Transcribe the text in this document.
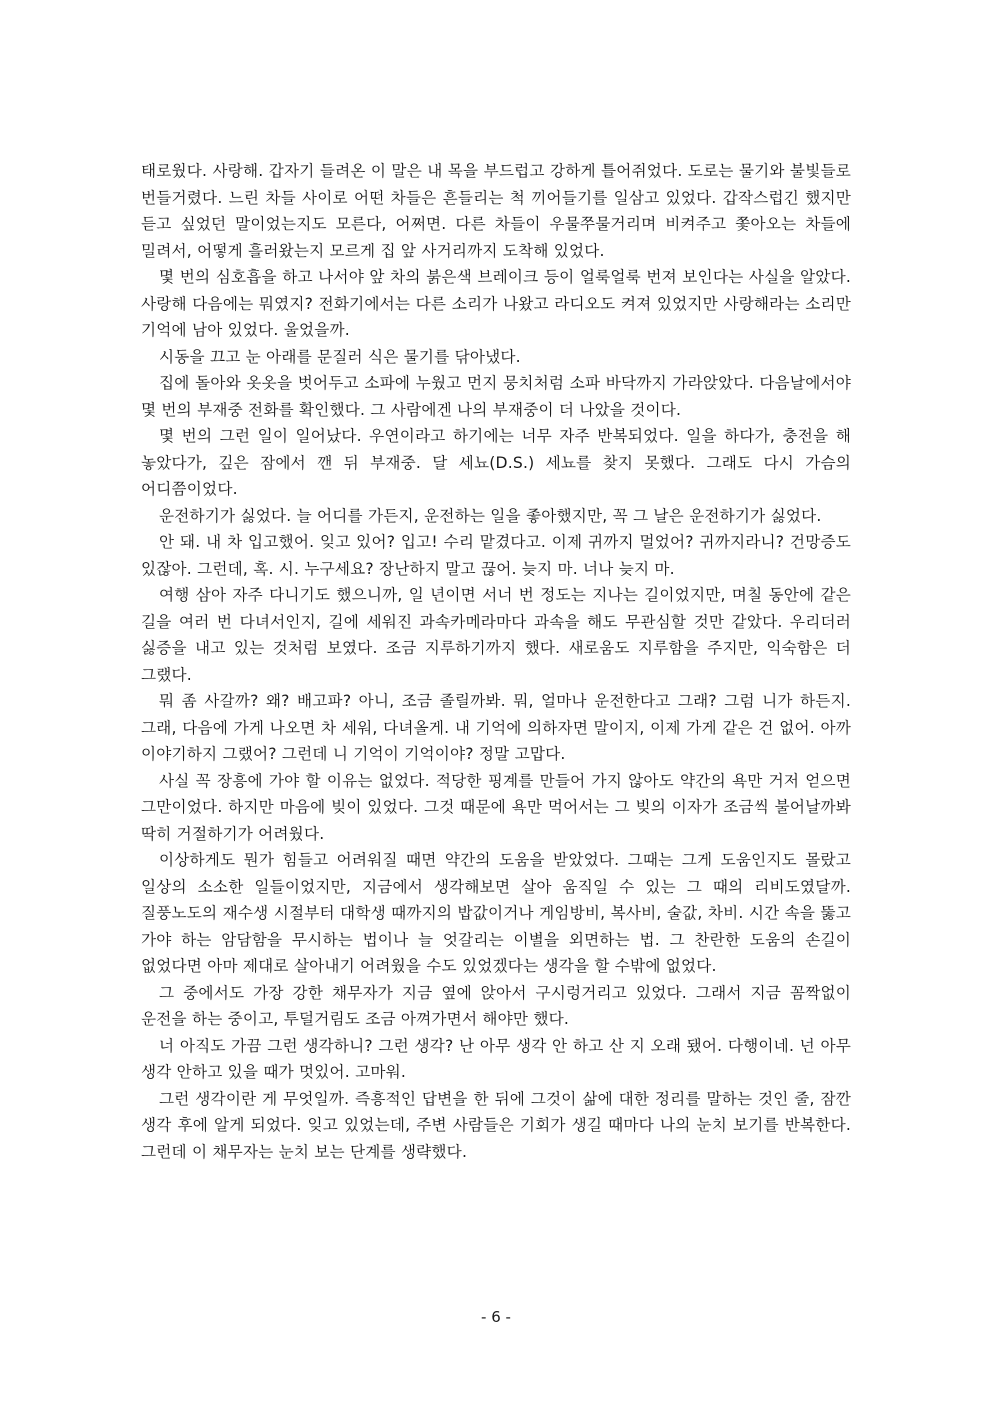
태로웠다. 사랑해. 갑자기 들려온 이 말은 내 목을 부드럽고 강하게 틀어쥐었다. 도로는 물기와 불빛들로 번들거렸다. 느린 차들 사이로 어떤 차들은 흔들리는 척 끼어들기를 일삼고 있었다. 갑작스럽긴 했지만 듣고 싶었던 말이었는지도 모른다, 어쩌면. 다른 차들이 우물쭈물거리며 비켜주고 쫓아오는 차들에 밀려서, 어떻게 흘러왔는지 모르게 집 앞 사거리까지 도착해 있었다.

몇 번의 심호흡을 하고 나서야 앞 차의 붉은색 브레이크 등이 얼룩얼룩 번져 보인다는 사실을 알았다. 사랑해 다음에는 뭐였지? 전화기에서는 다른 소리가 나왔고 라디오도 켜져 있었지만 사랑해라는 소리만 기억에 남아 있었다. 울었을까.

시동을 끄고 눈 아래를 문질러 식은 물기를 닦아냈다.

집에 돌아와 옷옷을 벗어두고 소파에 누웠고 먼지 뭉치처럼 소파 바닥까지 가라앉았다. 다음날에서야 몇 번의 부재중 전화를 확인했다. 그 사람에겐 나의 부재중이 더 나았을 것이다.

몇 번의 그런 일이 일어났다. 우연이라고 하기에는 너무 자주 반복되었다. 일을 하다가, 충전을 해 놓았다가, 깊은 잠에서 깬 뒤 부재중. 달 세뇨(D.S.) 세뇨를 찾지 못했다. 그래도 다시 가슴의 어디쯤이었다.

운전하기가 싫었다. 늘 어디를 가든지, 운전하는 일을 좋아했지만, 꼭 그 날은 운전하기가 싫었다.

안 돼. 내 차 입고했어. 잊고 있어? 입고! 수리 맡겼다고. 이제 귀까지 멀었어? 귀까지라니? 건망증도 있잖아. 그런데, 혹. 시. 누구세요? 장난하지 말고 끊어. 늦지 마. 너나 늦지 마.

여행 삼아 자주 다니기도 했으니까, 일 년이면 서너 번 정도는 지나는 길이었지만, 며칠 동안에 같은 길을 여러 번 다녀서인지, 길에 세워진 과속카메라마다 과속을 해도 무관심할 것만 같았다. 우리더러 싫증을 내고 있는 것처럼 보였다. 조금 지루하기까지 했다. 새로움도 지루함을 주지만, 익숙함은 더 그랬다.

뭐 좀 사갈까? 왜? 배고파? 아니, 조금 졸릴까봐. 뭐, 얼마나 운전한다고 그래? 그럼 니가 하든지. 그래, 다음에 가게 나오면 차 세워, 다녀올게. 내 기억에 의하자면 말이지, 이제 가게 같은 건 없어. 아까 이야기하지 그랬어? 그런데 니 기억이 기억이야? 정말 고맙다.

사실 꼭 장흥에 가야 할 이유는 없었다. 적당한 핑계를 만들어 가지 않아도 약간의 욕만 거저 얻으면 그만이었다. 하지만 마음에 빚이 있었다. 그것 때문에 욕만 먹어서는 그 빚의 이자가 조금씩 불어날까봐 딱히 거절하기가 어려웠다.

이상하게도 뭔가 힘들고 어려워질 때면 약간의 도움을 받았었다. 그때는 그게 도움인지도 몰랐고 일상의 소소한 일들이었지만, 지금에서 생각해보면 살아 움직일 수 있는 그 때의 리비도였달까. 질풍노도의 재수생 시절부터 대학생 때까지의 밥값이거나 게임방비, 복사비, 술값, 차비. 시간 속을 뚫고 가야 하는 암담함을 무시하는 법이나 늘 엇갈리는 이별을 외면하는 법. 그 찬란한 도움의 손길이 없었다면 아마 제대로 살아내기 어려웠을 수도 있었겠다는 생각을 할 수밖에 없었다.

그 중에서도 가장 강한 채무자가 지금 옆에 앉아서 구시렁거리고 있었다. 그래서 지금 꼼짝없이 운전을 하는 중이고, 투덜거림도 조금 아껴가면서 해야만 했다.

너 아직도 가끔 그런 생각하니? 그런 생각? 난 아무 생각 안 하고 산 지 오래 됐어. 다행이네. 넌 아무 생각 안하고 있을 때가 멋있어. 고마워.

그런 생각이란 게 무엇일까. 즉흥적인 답변을 한 뒤에 그것이 삶에 대한 정리를 말하는 것인 줄, 잠깐 생각 후에 알게 되었다. 잊고 있었는데, 주변 사람들은 기회가 생길 때마다 나의 눈치 보기를 반복한다. 그런데 이 채무자는 눈치 보는 단계를 생략했다.

- 6 -
